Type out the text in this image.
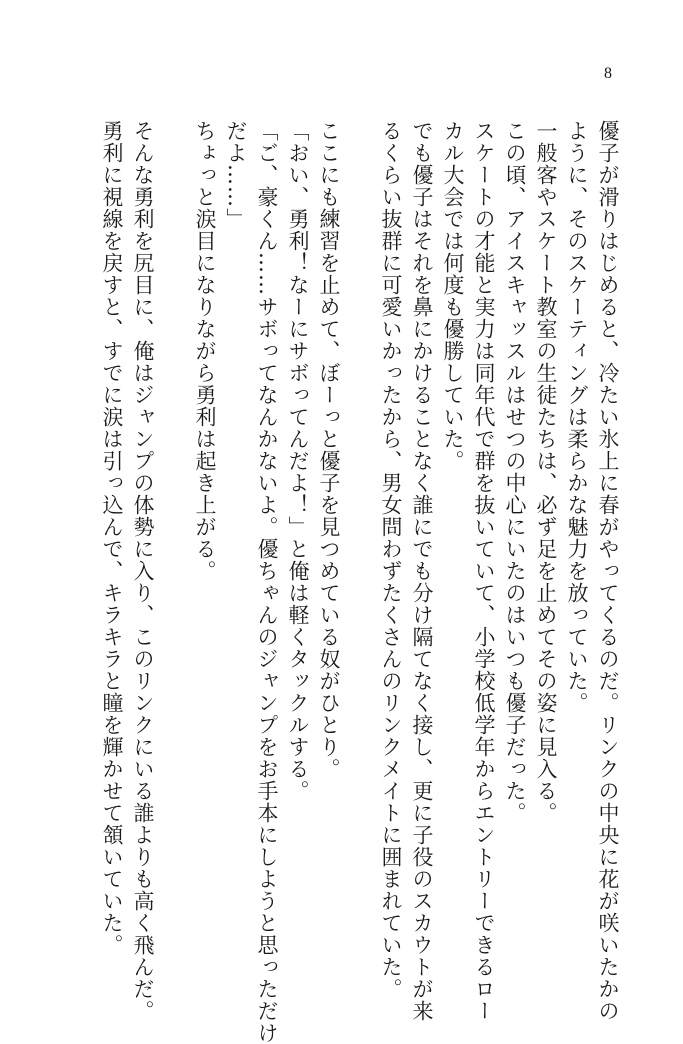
8

優子が滑りはじめると、冷たい氷上に春がやってくるのだ。リンクの中央に花が咲いたかの

ように、そのスケーティングは柔らかな魅力を放っていた。

一般客やスケート教室の生徒たちは、必ず足を止めてその姿に見入る。

この頃、アイスキャッスルはせつの中心にいたのはいつも優子だった。

スケートの才能と実力は同年代で群を抜いていて、小学校低学年からエントリーできるロー

カル大会では何度も優勝していた。

でも優子はそれを鼻にかけることなく誰にでも分け隔てなく接し、更に子役のスカウトが来

るくらい抜群に可愛いかったから、男女問わずたくさんのリンクメイトに囲まれていた。

ここにも練習を止めて、ぼーっと優子を見つめている奴がひとり。

「おい、勇利！なーにサボってんだよ！」と俺は軽くタックルする。

「ご、豪くん……サボってなんかないよ。優ちゃんのジャンプをお手本にしようと思っただけ

だよ……」

ちょっと涙目になりながら勇利は起き上がる。

そんな勇利を尻目に、俺はジャンプの体勢に入り、このリンクにいる誰よりも高く飛んだ。

勇利に視線を戻すと、すでに涙は引っ込んで、キラキラと瞳を輝かせて頷いていた。
